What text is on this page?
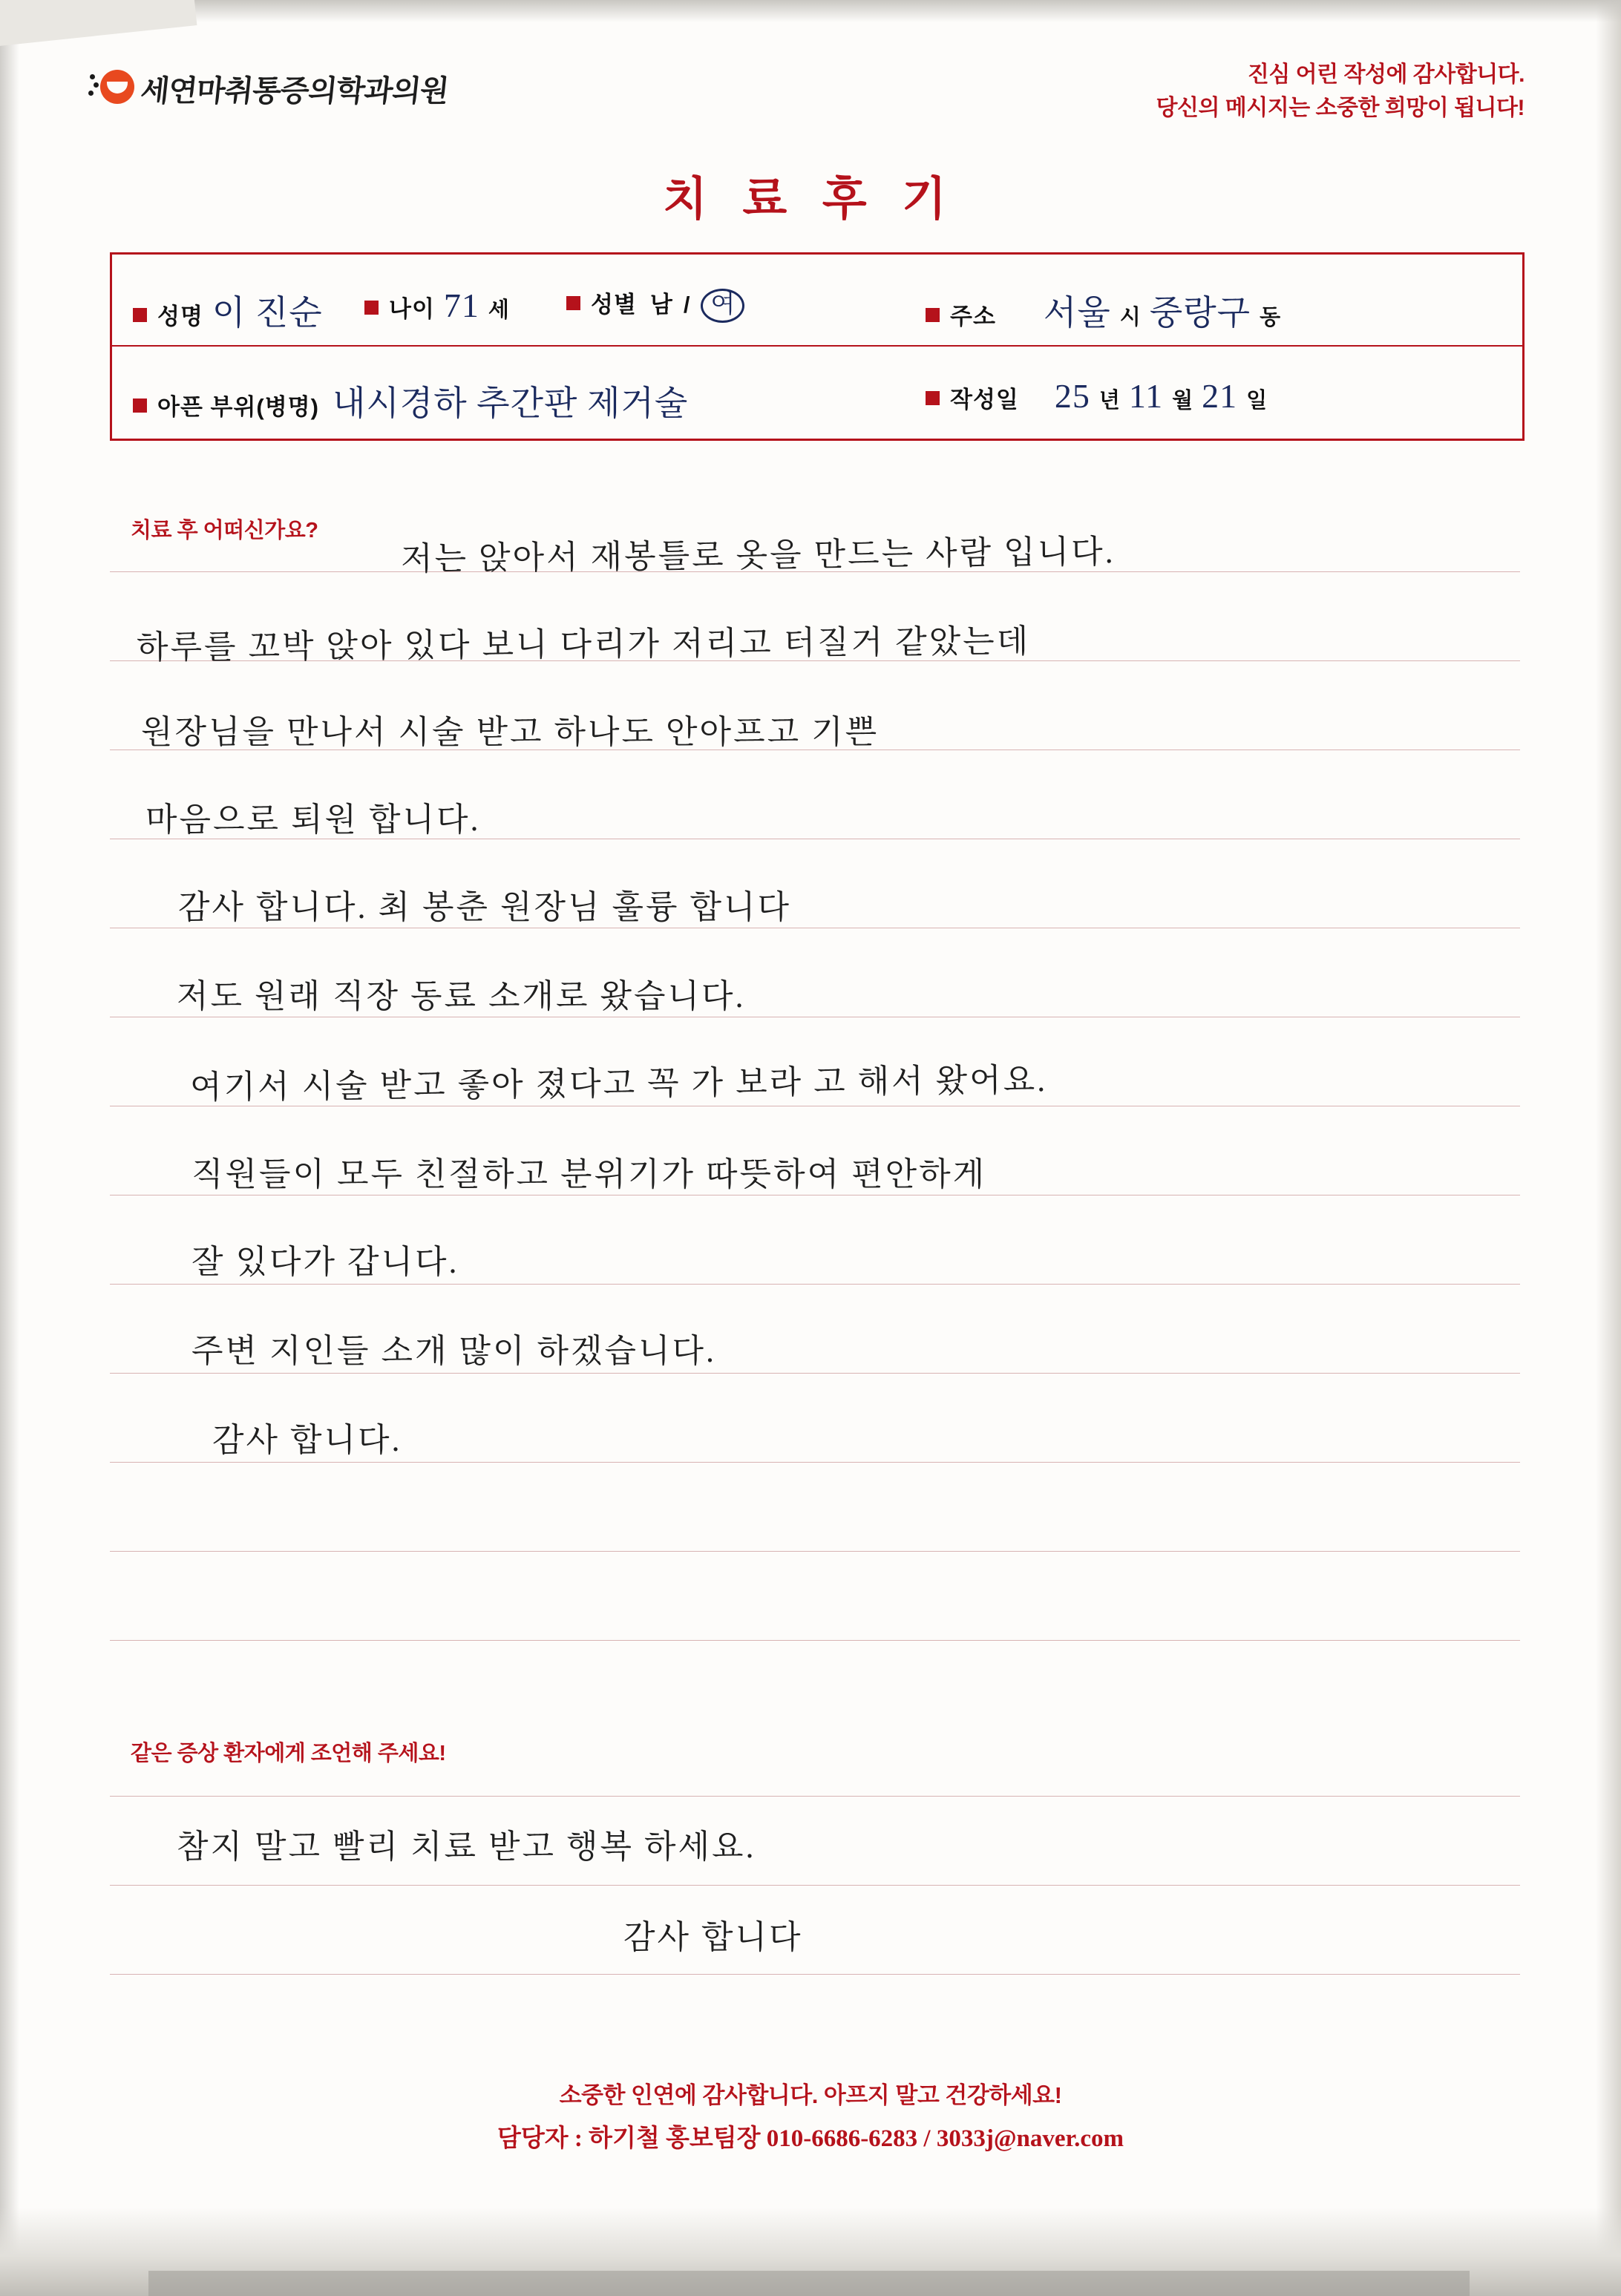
세연마취통증의학과의원	진심 어린 작성에 감사합니다.
당신의 메시지는 소중한 희망이 됩니다!
치 료 후 기
성명 이 진순	나이 71 세	성별 남 / 여	주소 서울 시 중랑구 동
아픈 부위(병명) 내시경하 추간판 제거술	작성일 25 년 11 월 21 일
치료 후 어떠신가요?
저는 앉아서 재봉틀로 옷을 만드는 사람 입니다.
하루를 꼬박 앉아 있다 보니 다리가 저리고 터질거 같았는데
원장님을 만나서 시술 받고 하나도 안아프고 기쁜
마음으로 퇴원 합니다.
감사 합니다. 최 봉춘 원장님 훌륭 합니다
저도 원래 직장 동료 소개로 왔습니다.
여기서 시술 받고 좋아 졌다고 꼭 가 보라 고 해서 왔어요.
직원들이 모두 친절하고 분위기가 따뜻하여 편안하게
잘 있다가 갑니다.
주변 지인들 소개 많이 하겠습니다.
감사 합니다.
같은 증상 환자에게 조언해 주세요!
참지 말고 빨리 치료 받고 행복 하세요.
감사 합니다
소중한 인연에 감사합니다. 아프지 말고 건강하세요!
담당자 : 하기철 홍보팀장 010-6686-6283 / 3033j@naver.com
